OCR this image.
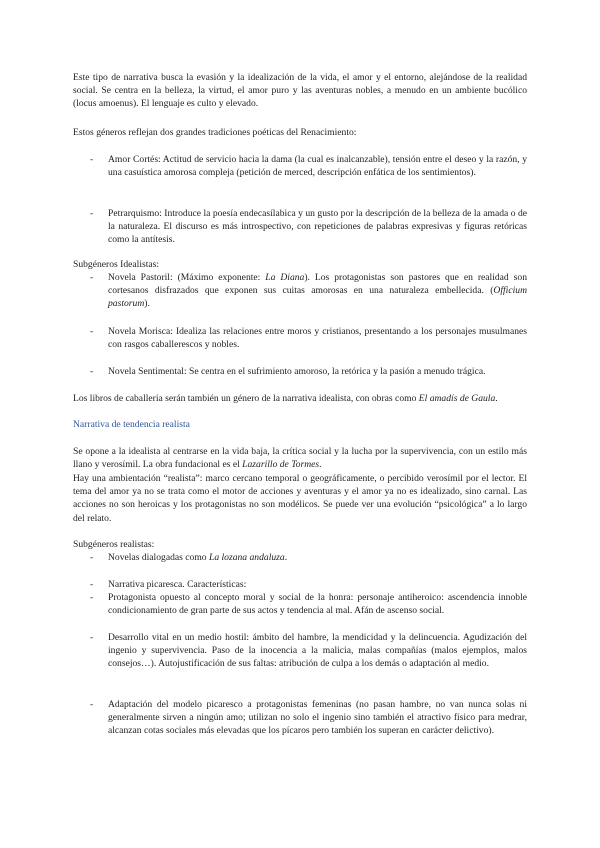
Este tipo de narrativa busca la evasión y la idealización de la vida, el amor y el entorno, alejándose de la realidad social. Se centra en la belleza, la virtud, el amor puro y las aventuras nobles, a menudo en un ambiente bucólico (locus amoenus). El lenguaje es culto y elevado.

Estos géneros reflejan dos grandes tradiciones poéticas del Renacimiento:

- Amor Cortés: Actitud de servicio hacia la dama (la cual es inalcanzable), tensión entre el deseo y la razón, y una casuística amorosa compleja (petición de merced, descripción enfática de los sentimientos).
- Petrarquismo: Introduce la poesía endecasílabica y un gusto por la descripción de la belleza de la amada o de la naturaleza. El discurso es más introspectivo, con repeticiones de palabras expresivas y figuras retóricas como la antítesis.

Subgéneros Idealistas:

- Novela Pastoril: (Máximo exponente: La Diana). Los protagonistas son pastores que en realidad son cortesanos disfrazados que exponen sus cuitas amorosas en una naturaleza embellecida. (Officium pastorum).
- Novela Morisca: Idealiza las relaciones entre moros y cristianos, presentando a los personajes musulmanes con rasgos caballerescos y nobles.
- Novela Sentimental: Se centra en el sufrimiento amoroso, la retórica y la pasión a menudo trágica.

Los libros de caballería serán también un género de la narrativa idealista, con obras como El amadís de Gaula.

Narrativa de tendencia realista

Se opone a la idealista al centrarse en la vida baja, la crítica social y la lucha por la supervivencia, con un estilo más llano y verosímil. La obra fundacional es el Lazarillo de Tormes.

Hay una ambientación “realista”: marco cercano temporal o geográficamente, o percibido verosímil por el lector. El tema del amor ya no se trata como el motor de acciones y aventuras y el amor ya no es idealizado, sino carnal. Las acciones no son heroicas y los protagonistas no son modélicos. Se puede ver una evolución “psicológica” a lo largo del relato.

Subgéneros realistas:

- Novelas dialogadas como La lozana andaluza.
- Narrativa picaresca. Características:
- Protagonista opuesto al concepto moral y social de la honra: personaje antiheroico: ascendencia innoble condicionamiento de gran parte de sus actos y tendencia al mal. Afán de ascenso social.
- Desarrollo vital en un medio hostil: ámbito del hambre, la mendicidad y la delincuencia. Agudización del ingenio y supervivencia. Paso de la inocencia a la malicia, malas compañías (malos ejemplos, malos consejos…). Autojustificación de sus faltas: atribución de culpa a los demás o adaptación al medio.
- Adaptación del modelo picaresco a protagonistas femeninas (no pasan hambre, no van nunca solas ni generalmente sirven a ningún amo; utilizan no solo el ingenio sino también el atractivo físico para medrar, alcanzan cotas sociales más elevadas que los pícaros pero también los superan en carácter delictivo).
